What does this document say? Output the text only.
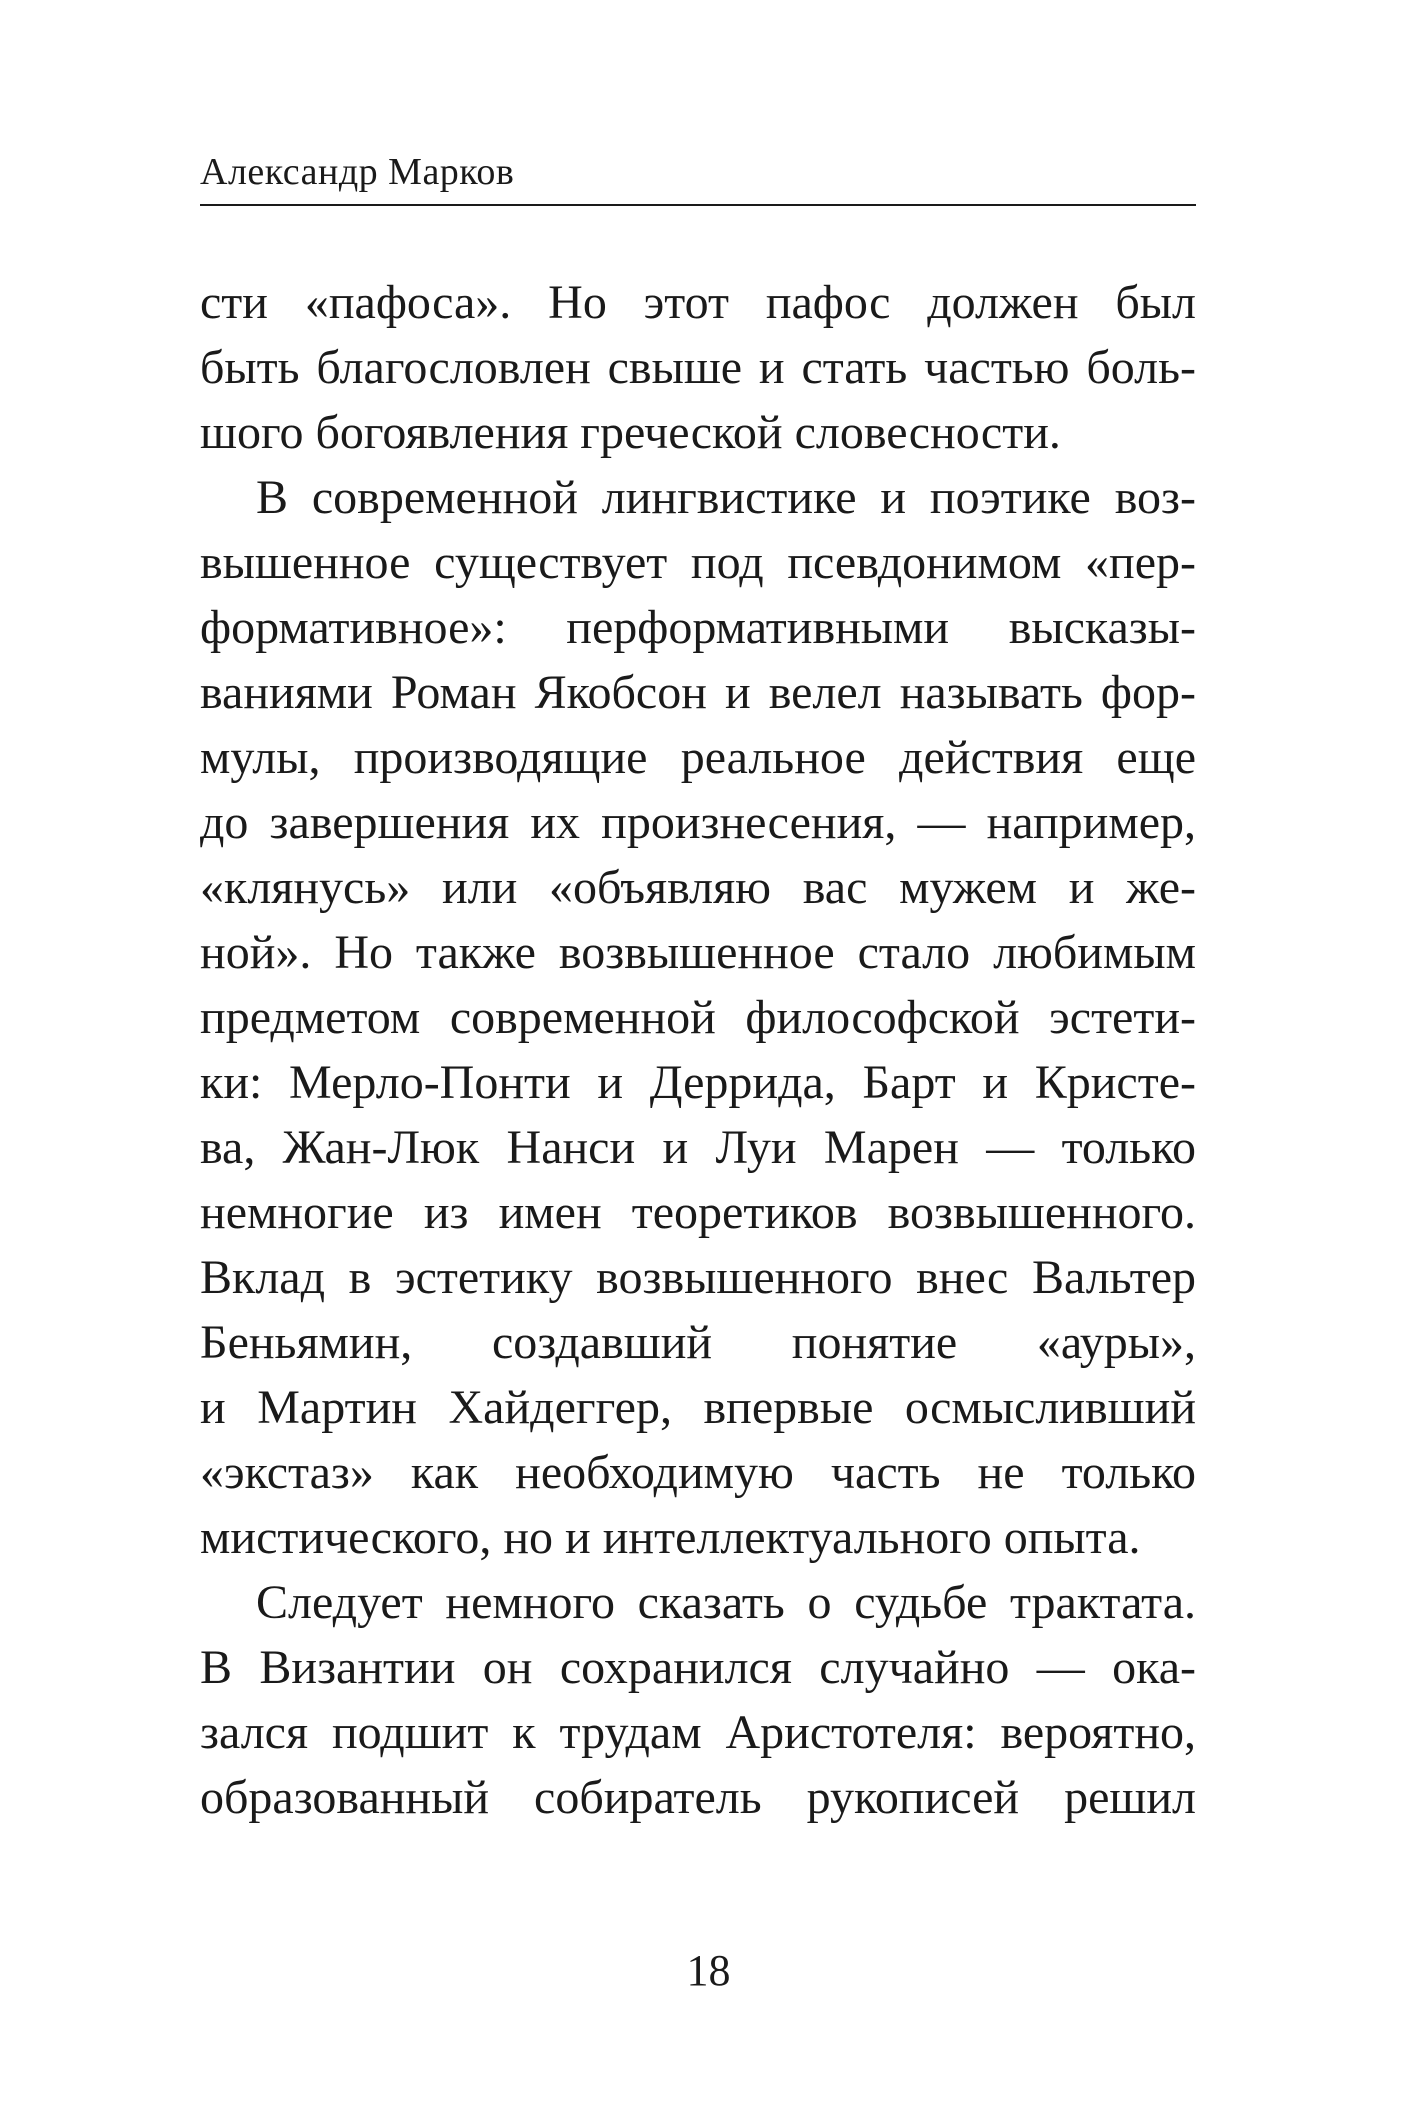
Александр Марков
сти «пафоса». Но этот пафос должен был
быть благословлен свыше и стать частью боль-
шого богоявления греческой словесности.
В современной лингвистике и поэтике воз-
вышенное существует под псевдонимом «пер-
формативное»: перформативными высказы-
ваниями Роман Якобсон и велел называть фор-
мулы, производящие реальное действия еще
до завершения их произнесения, — например,
«клянусь» или «объявляю вас мужем и же-
ной». Но также возвышенное стало любимым
предметом современной философской эстети-
ки: Мерло-Понти и Деррида, Барт и Кристе-
ва, Жан-Люк Нанси и Луи Марен — только
немногие из имен теоретиков возвышенного.
Вклад в эстетику возвышенного внес Вальтер
Беньямин, создавший понятие «ауры»,
и Мартин Хайдеггер, впервые осмысливший
«экстаз» как необходимую часть не только
мистического, но и интеллектуального опыта.
Следует немного сказать о судьбе трактата.
В Византии он сохранился случайно — ока-
зался подшит к трудам Аристотеля: вероятно,
образованный собиратель рукописей решил
18
